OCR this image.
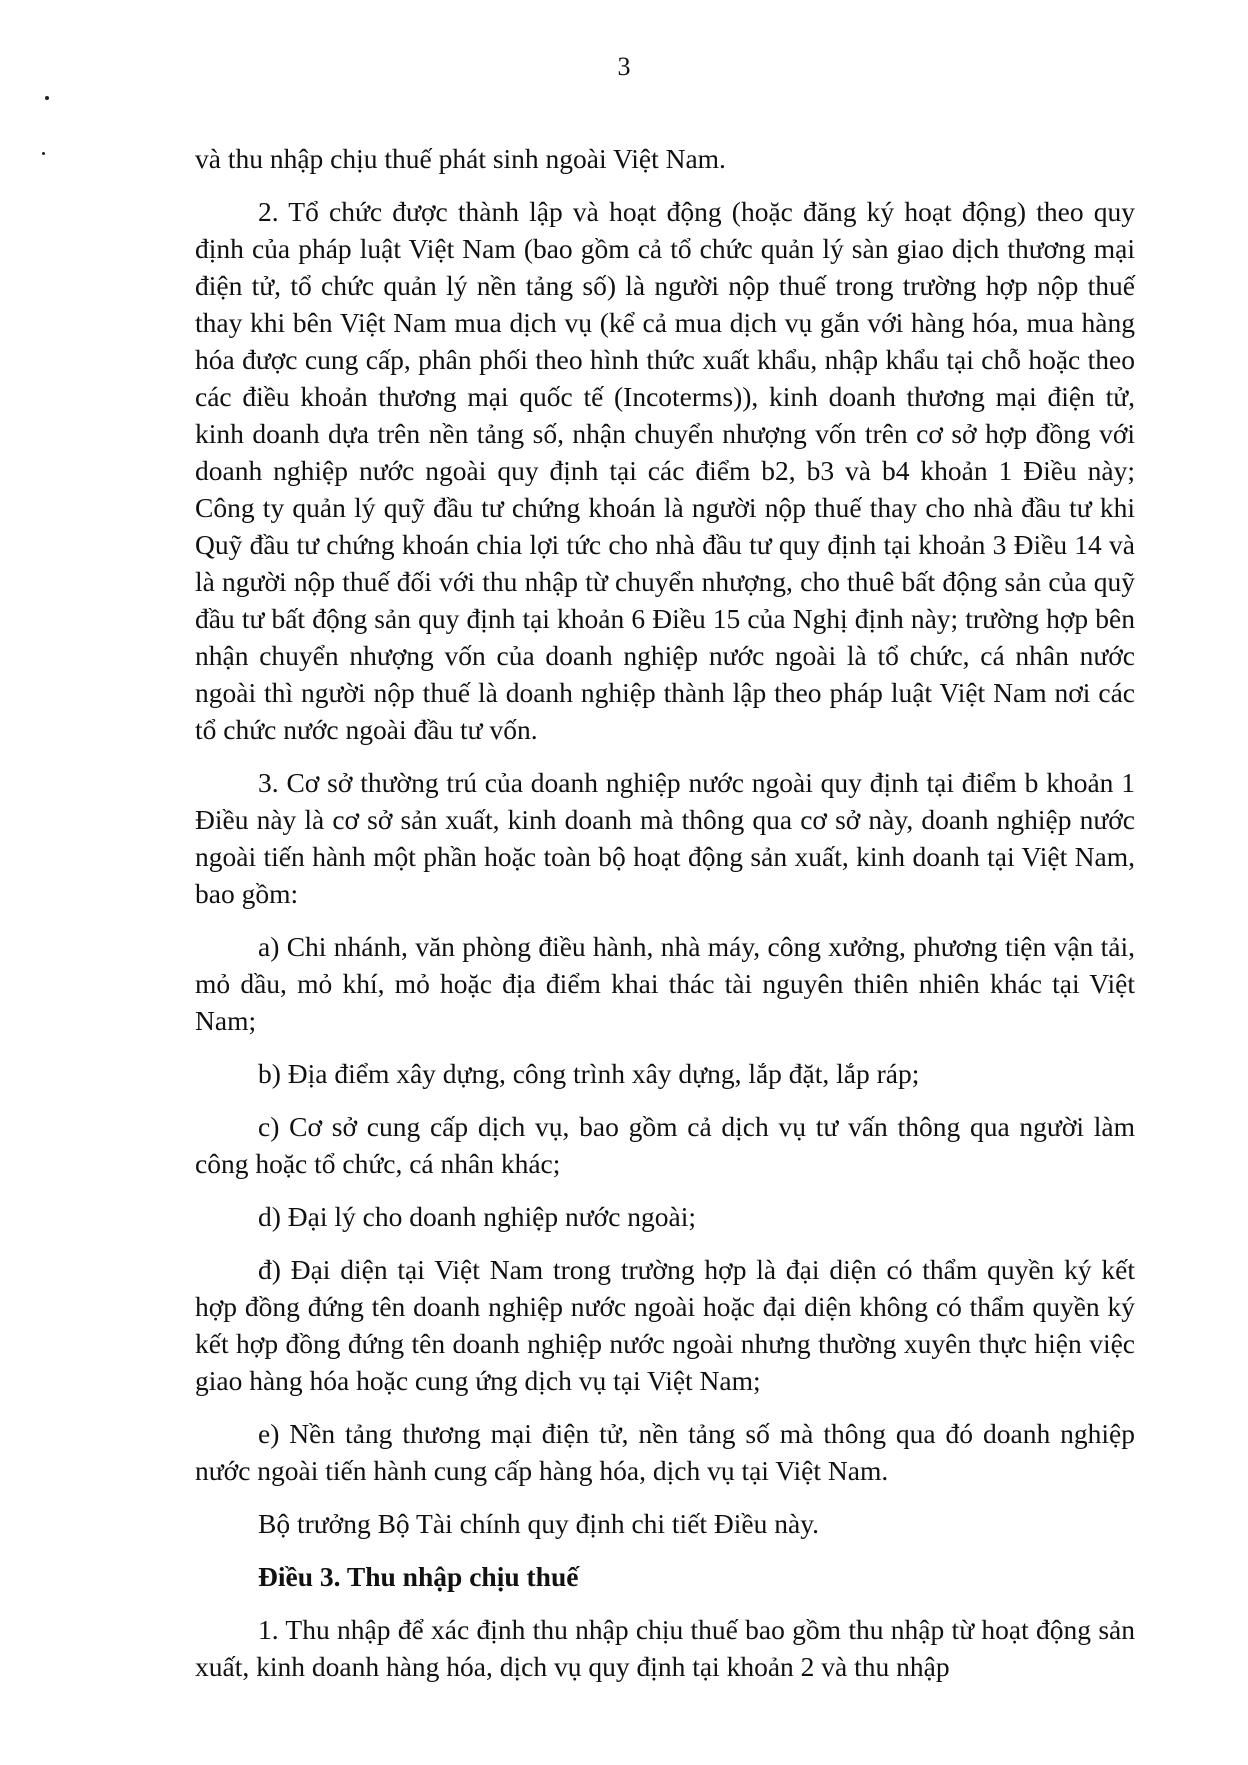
3

và thu nhập chịu thuế phát sinh ngoài Việt Nam.

2. Tổ chức được thành lập và hoạt động (hoặc đăng ký hoạt động) theo quy định của pháp luật Việt Nam (bao gồm cả tổ chức quản lý sàn giao dịch thương mại điện tử, tổ chức quản lý nền tảng số) là người nộp thuế trong trường hợp nộp thuế thay khi bên Việt Nam mua dịch vụ (kể cả mua dịch vụ gắn với hàng hóa, mua hàng hóa được cung cấp, phân phối theo hình thức xuất khẩu, nhập khẩu tại chỗ hoặc theo các điều khoản thương mại quốc tế (Incoterms)), kinh doanh thương mại điện tử, kinh doanh dựa trên nền tảng số, nhận chuyển nhượng vốn trên cơ sở hợp đồng với doanh nghiệp nước ngoài quy định tại các điểm b2, b3 và b4 khoản 1 Điều này; Công ty quản lý quỹ đầu tư chứng khoán là người nộp thuế thay cho nhà đầu tư khi Quỹ đầu tư chứng khoán chia lợi tức cho nhà đầu tư quy định tại khoản 3 Điều 14 và là người nộp thuế đối với thu nhập từ chuyển nhượng, cho thuê bất động sản của quỹ đầu tư bất động sản quy định tại khoản 6 Điều 15 của Nghị định này; trường hợp bên nhận chuyển nhượng vốn của doanh nghiệp nước ngoài là tổ chức, cá nhân nước ngoài thì người nộp thuế là doanh nghiệp thành lập theo pháp luật Việt Nam nơi các tổ chức nước ngoài đầu tư vốn.

3. Cơ sở thường trú của doanh nghiệp nước ngoài quy định tại điểm b khoản 1 Điều này là cơ sở sản xuất, kinh doanh mà thông qua cơ sở này, doanh nghiệp nước ngoài tiến hành một phần hoặc toàn bộ hoạt động sản xuất, kinh doanh tại Việt Nam, bao gồm:

a) Chi nhánh, văn phòng điều hành, nhà máy, công xưởng, phương tiện vận tải, mỏ dầu, mỏ khí, mỏ hoặc địa điểm khai thác tài nguyên thiên nhiên khác tại Việt Nam;

b) Địa điểm xây dựng, công trình xây dựng, lắp đặt, lắp ráp;

c) Cơ sở cung cấp dịch vụ, bao gồm cả dịch vụ tư vấn thông qua người làm công hoặc tổ chức, cá nhân khác;

d) Đại lý cho doanh nghiệp nước ngoài;

đ) Đại diện tại Việt Nam trong trường hợp là đại diện có thẩm quyền ký kết hợp đồng đứng tên doanh nghiệp nước ngoài hoặc đại diện không có thẩm quyền ký kết hợp đồng đứng tên doanh nghiệp nước ngoài nhưng thường xuyên thực hiện việc giao hàng hóa hoặc cung ứng dịch vụ tại Việt Nam;

e) Nền tảng thương mại điện tử, nền tảng số mà thông qua đó doanh nghiệp nước ngoài tiến hành cung cấp hàng hóa, dịch vụ tại Việt Nam.

Bộ trưởng Bộ Tài chính quy định chi tiết Điều này.

Điều 3. Thu nhập chịu thuế

1. Thu nhập để xác định thu nhập chịu thuế bao gồm thu nhập từ hoạt động sản xuất, kinh doanh hàng hóa, dịch vụ quy định tại khoản 2 và thu nhập
